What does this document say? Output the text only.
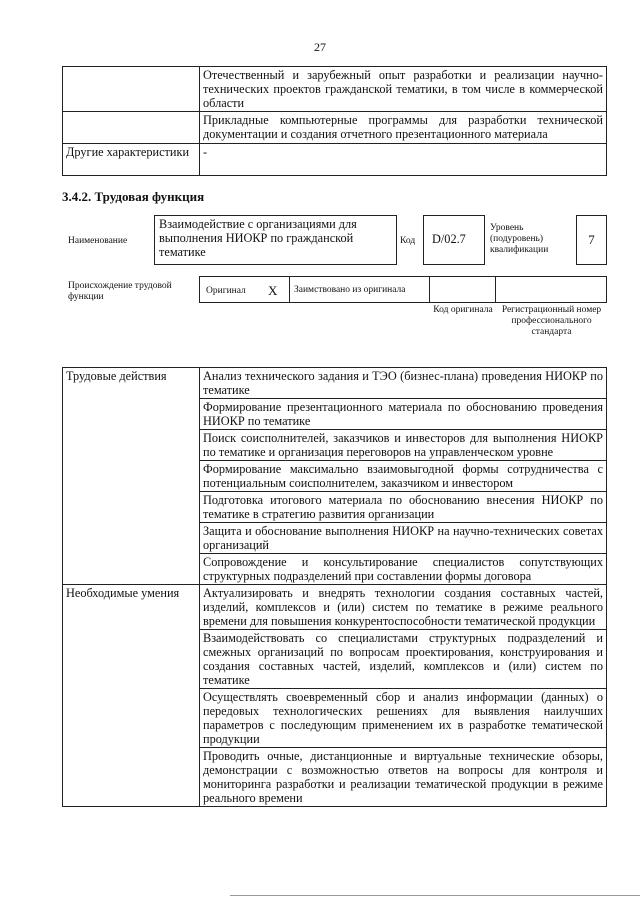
27
	Отечественный и зарубежный опыт разработки и реализации научно-технических проектов гражданской тематики, в том числе в коммерческой области
	Прикладные компьютерные программы для разработки технической документации и создания отчетного презентационного материала
Другие характеристики	-
3.4.2. Трудовая функция
Наименование
Взаимодействие с организациями для выполнения НИОКР по гражданской тематике
Код	D/02.7
Уровень (подуровень) квалификации
7
Происхождение трудовой функции
Оригинал X	Заимствовано из оригинала
Код оригинала Регистрационный номер профессионального стандарта
Трудовые действия	Анализ технического задания и ТЭО (бизнес-плана) проведения НИОКР по тематике
	Формирование презентационного материала по обоснованию проведения НИОКР по тематике
	Поиск соисполнителей, заказчиков и инвесторов для выполнения НИОКР по тематике и организация переговоров на управленческом уровне
	Формирование максимально взаимовыгодной формы сотрудничества с потенциальным соисполнителем, заказчиком и инвестором
	Подготовка итогового материала по обоснованию внесения НИОКР по тематике в стратегию развития организации
	Защита и обоснование выполнения НИОКР на научно-технических советах организаций
	Сопровождение и консультирование специалистов сопутствующих структурных подразделений при составлении формы договора
Необходимые умения	Актуализировать и внедрять технологии создания составных частей, изделий, комплексов и (или) систем по тематике в режиме реального времени для повышения конкурентоспособности тематической продукции
	Взаимодействовать со специалистами структурных подразделений и смежных организаций по вопросам проектирования, конструирования и создания составных частей, изделий, комплексов и (или) систем по тематике
	Осуществлять своевременный сбор и анализ информации (данных) о передовых технологических решениях для выявления наилучших параметров с последующим применением их в разработке тематической продукции
	Проводить очные, дистанционные и виртуальные технические обзоры, демонстрации с возможностью ответов на вопросы для контроля и мониторинга разработки и реализации тематической продукции в режиме реального времени
